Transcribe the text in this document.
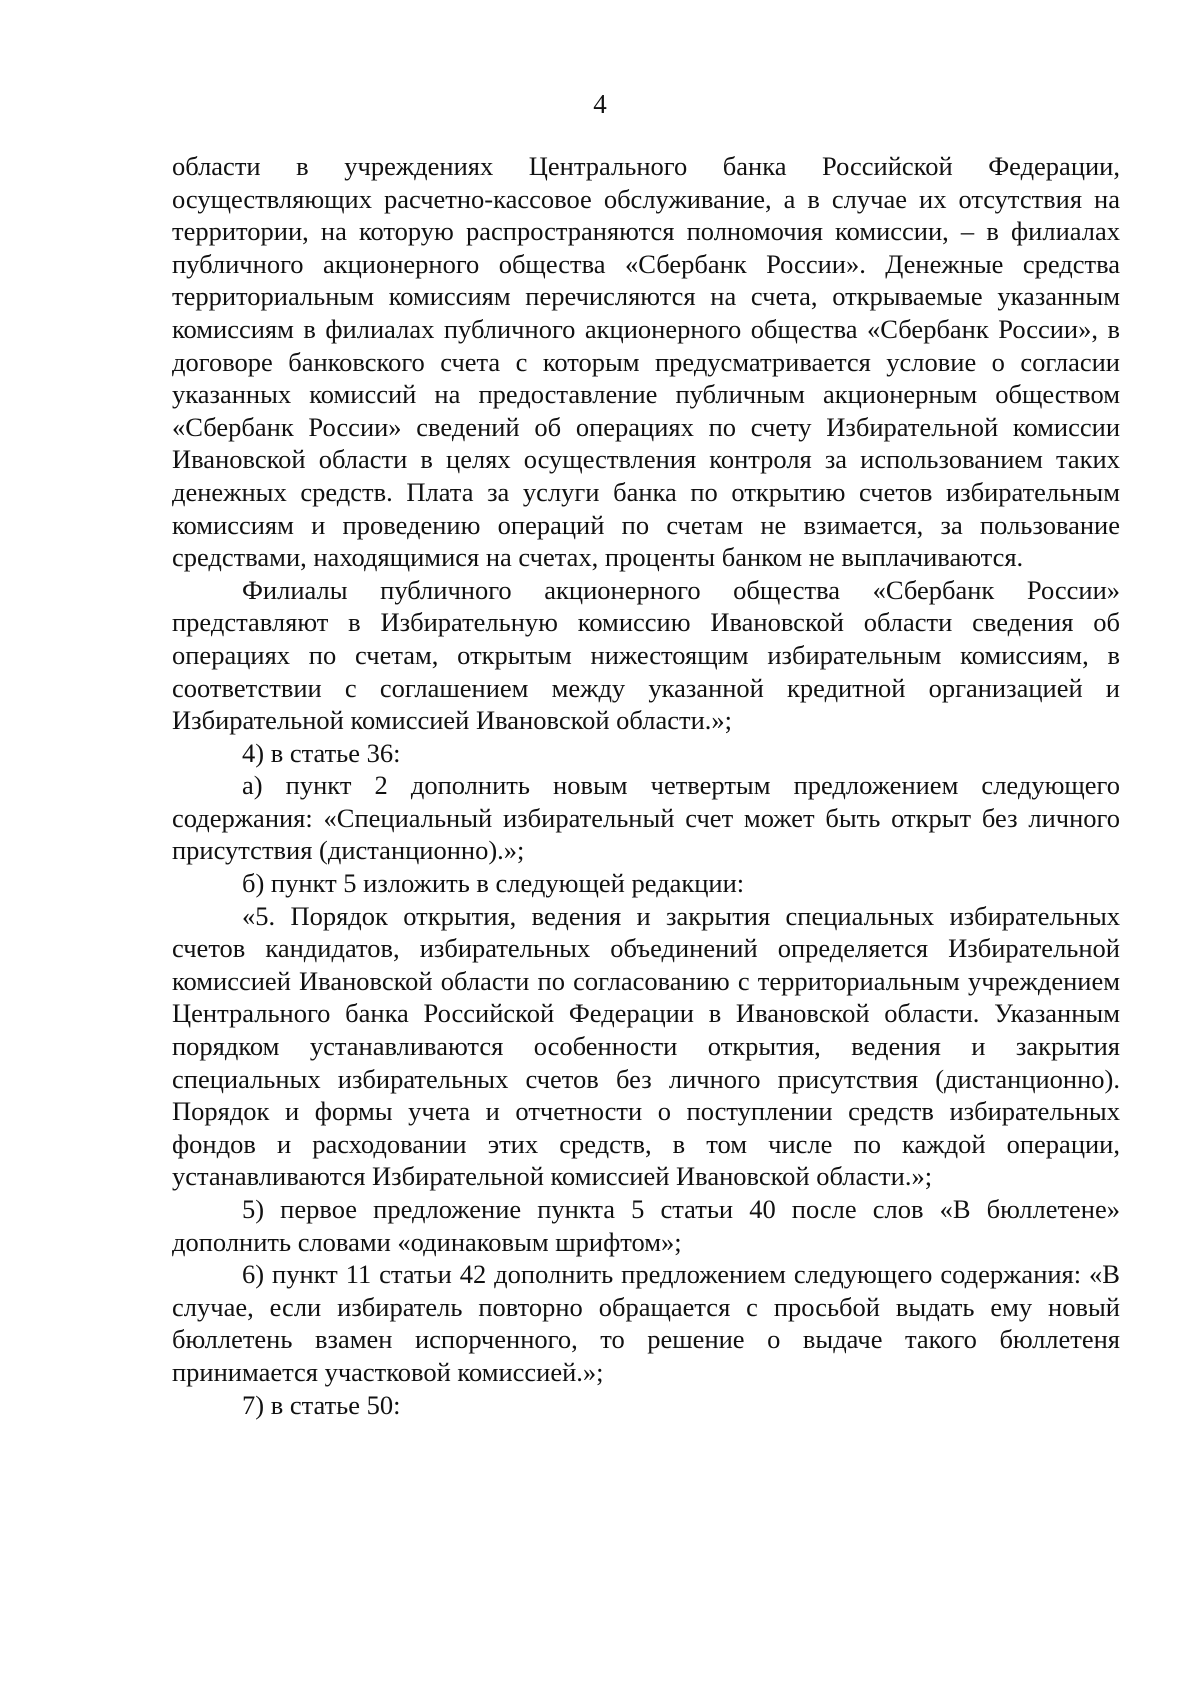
4

области в учреждениях Центрального банка Российской Федерации, осуществляющих расчетно-кассовое обслуживание, а в случае их отсутствия на территории, на которую распространяются полномочия комиссии, – в филиалах публичного акционерного общества «Сбербанк России». Денежные средства территориальным комиссиям перечисляются на счета, открываемые указанным комиссиям в филиалах публичного акционерного общества «Сбербанк России», в договоре банковского счета с которым предусматривается условие о согласии указанных комиссий на предоставление публичным акционерным обществом «Сбербанк России» сведений об операциях по счету Избирательной комиссии Ивановской области в целях осуществления контроля за использованием таких денежных средств. Плата за услуги банка по открытию счетов избирательным комиссиям и проведению операций по счетам не взимается, за пользование средствами, находящимися на счетах, проценты банком не выплачиваются.

Филиалы публичного акционерного общества «Сбербанк России» представляют в Избирательную комиссию Ивановской области сведения об операциях по счетам, открытым нижестоящим избирательным комиссиям, в соответствии с соглашением между указанной кредитной организацией и Избирательной комиссией Ивановской области.»;

4) в статье 36:

а) пункт 2 дополнить новым четвертым предложением следующего содержания: «Специальный избирательный счет может быть открыт без личного присутствия (дистанционно).»;

б) пункт 5 изложить в следующей редакции:

«5. Порядок открытия, ведения и закрытия специальных избирательных счетов кандидатов, избирательных объединений определяется Избирательной комиссией Ивановской области по согласованию с территориальным учреждением Центрального банка Российской Федерации в Ивановской области. Указанным порядком устанавливаются особенности открытия, ведения и закрытия специальных избирательных счетов без личного присутствия (дистанционно). Порядок и формы учета и отчетности о поступлении средств избирательных фондов и расходовании этих средств, в том числе по каждой операции, устанавливаются Избирательной комиссией Ивановской области.»;

5) первое предложение пункта 5 статьи 40 после слов «В бюллетене» дополнить словами «одинаковым шрифтом»;

6) пункт 11 статьи 42 дополнить предложением следующего содержания: «В случае, если избиратель повторно обращается с просьбой выдать ему новый бюллетень взамен испорченного, то решение о выдаче такого бюллетеня принимается участковой комиссией.»;

7) в статье 50:
